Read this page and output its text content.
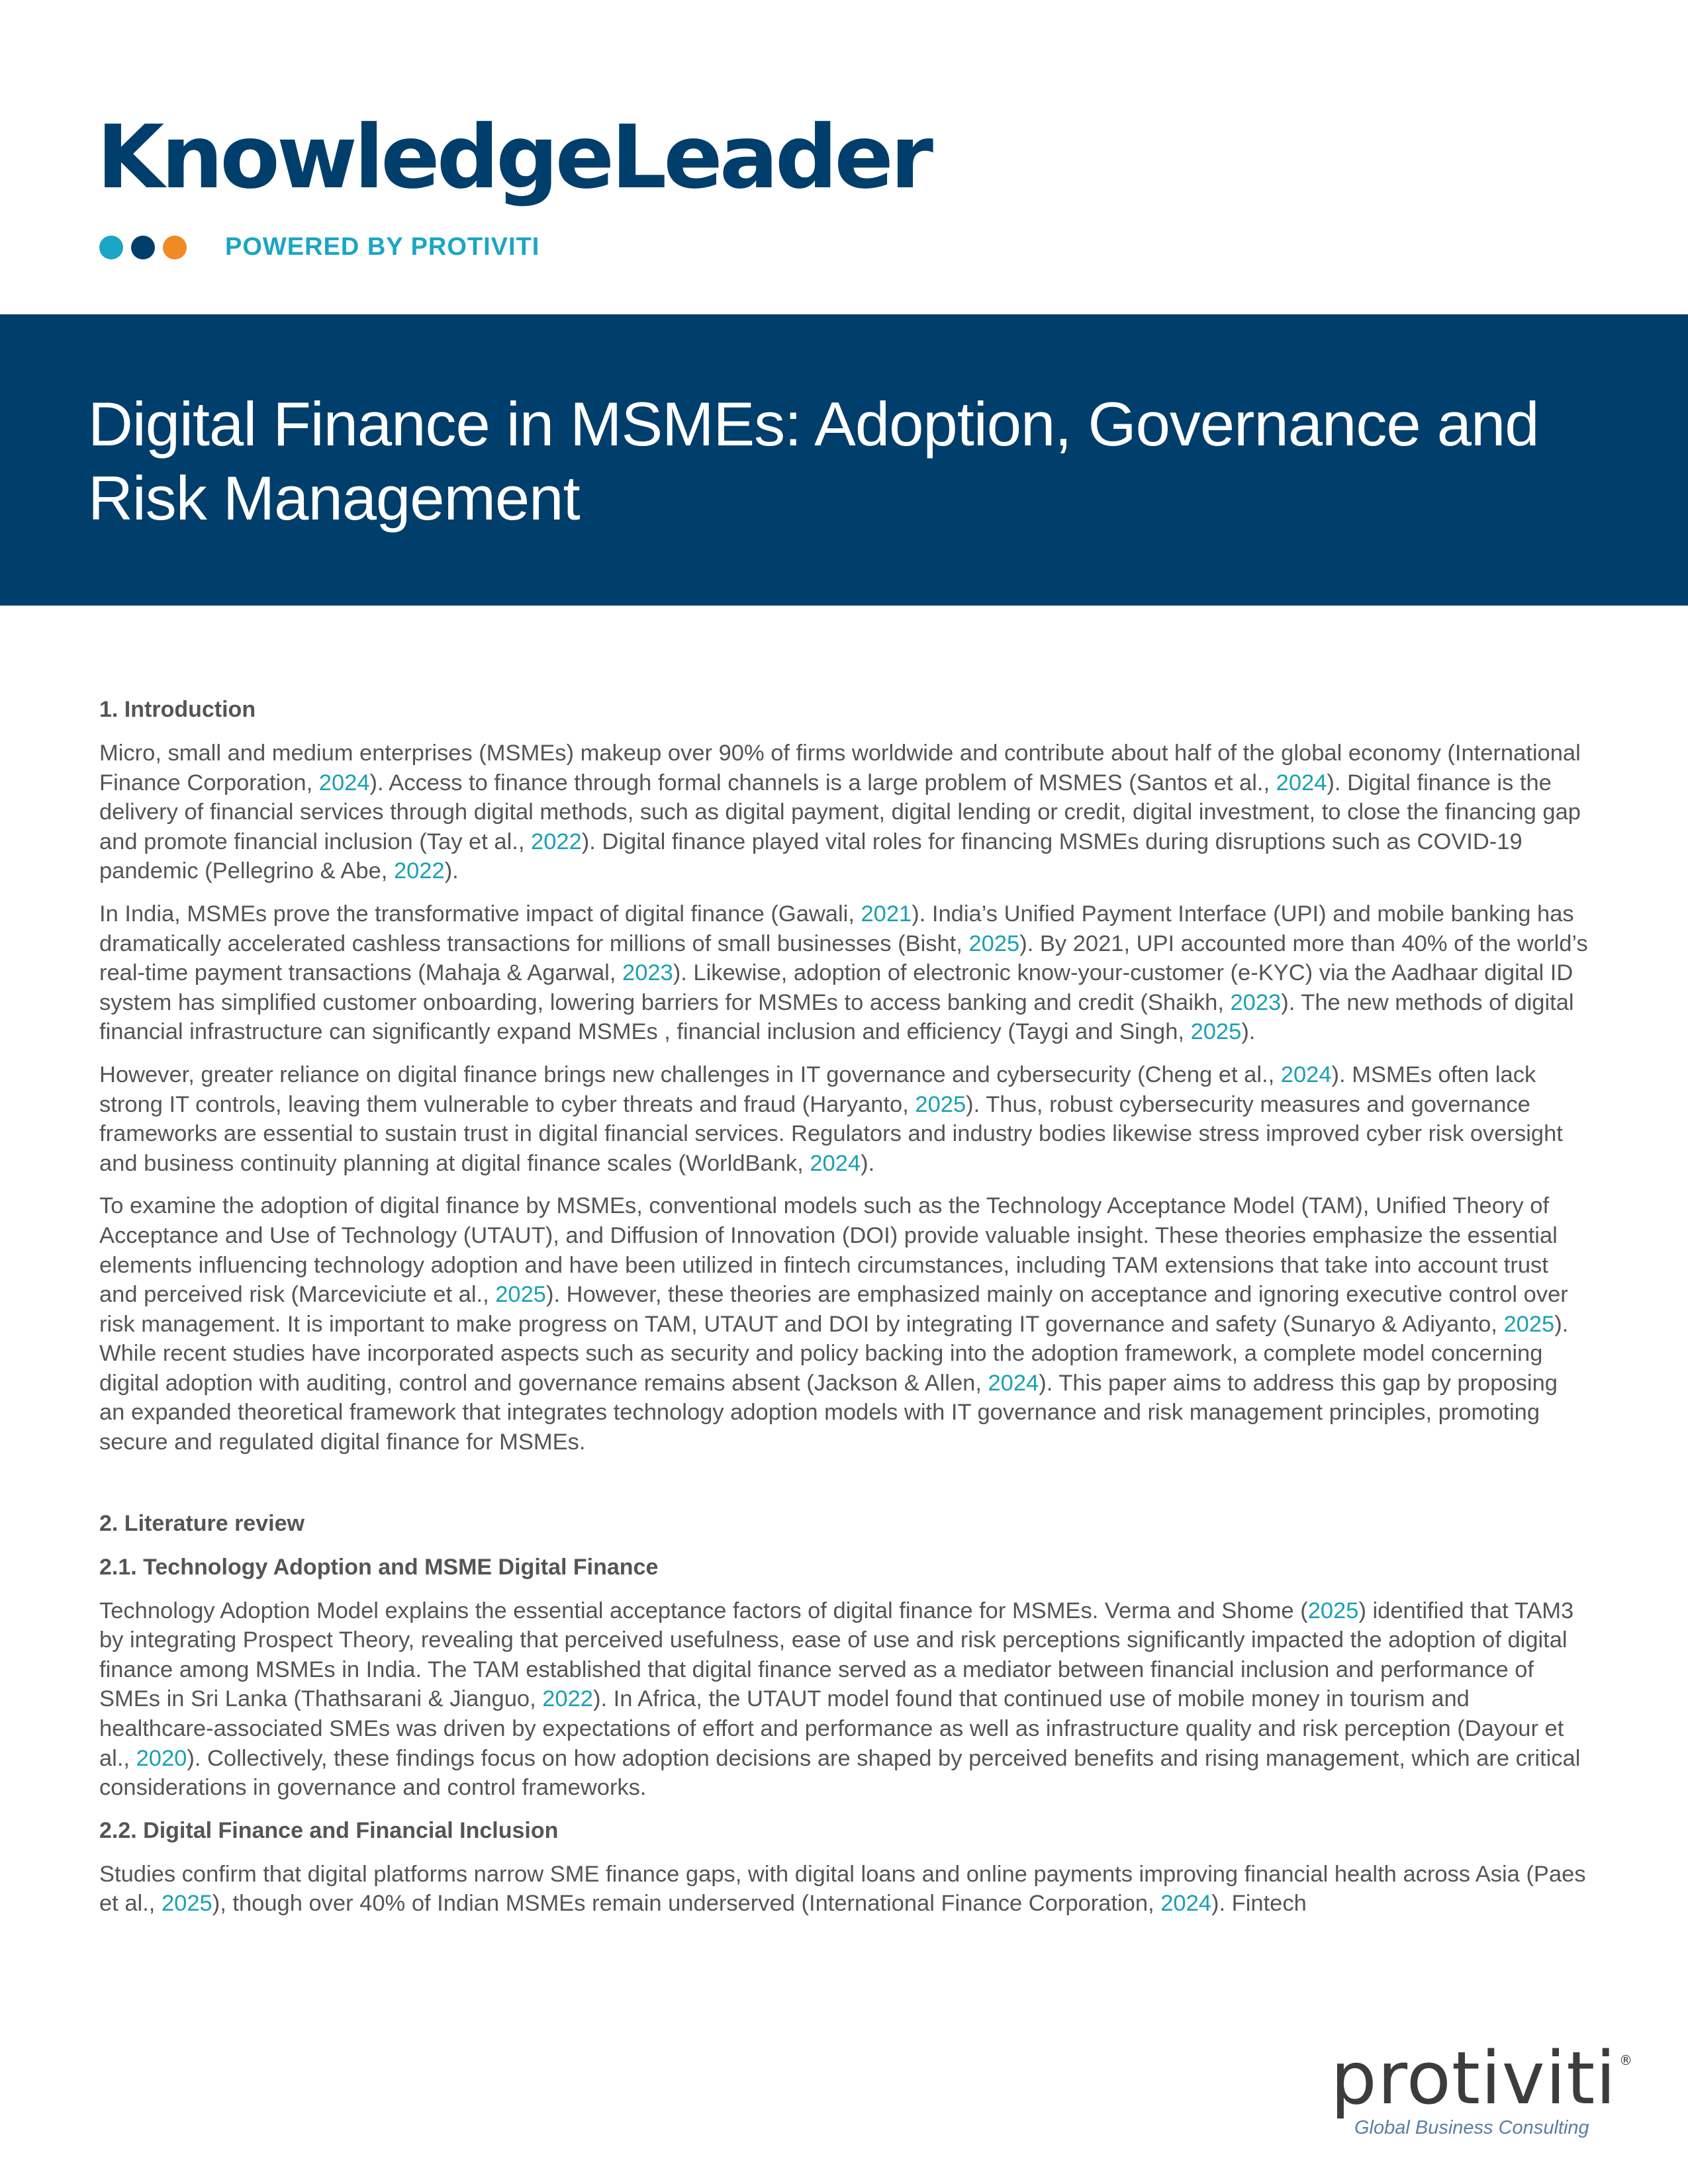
KnowledgeLeader
POWERED BY PROTIVITI
Digital Finance in MSMEs: Adoption, Governance and Risk Management
1. Introduction

Micro, small and medium enterprises (MSMEs) makeup over 90% of firms worldwide and contribute about half of the global economy (International Finance Corporation, 2024). Access to finance through formal channels is a large problem of MSMES (Santos et al., 2024). Digital finance is the delivery of financial services through digital methods, such as digital payment, digital lending or credit, digital investment, to close the financing gap and promote financial inclusion (Tay et al., 2022). Digital finance played vital roles for financing MSMEs during disruptions such as COVID-19 pandemic (Pellegrino & Abe, 2022).

In India, MSMEs prove the transformative impact of digital finance (Gawali, 2021). India’s Unified Payment Interface (UPI) and mobile banking has dramatically accelerated cashless transactions for millions of small businesses (Bisht, 2025). By 2021, UPI accounted more than 40% of the world’s real-time payment transactions (Mahaja & Agarwal, 2023). Likewise, adoption of electronic know-your-customer (e-KYC) via the Aadhaar digital ID system has simplified customer onboarding, lowering barriers for MSMEs to access banking and credit (Shaikh, 2023). The new methods of digital financial infrastructure can significantly expand MSMEs , financial inclusion and efficiency (Taygi and Singh, 2025).

However, greater reliance on digital finance brings new challenges in IT governance and cybersecurity (Cheng et al., 2024). MSMEs often lack strong IT controls, leaving them vulnerable to cyber threats and fraud (Haryanto, 2025). Thus, robust cybersecurity measures and governance frameworks are essential to sustain trust in digital financial services. Regulators and industry bodies likewise stress improved cyber risk oversight and business continuity planning at digital finance scales (WorldBank, 2024).

To examine the adoption of digital finance by MSMEs, conventional models such as the Technology Acceptance Model (TAM), Unified Theory of Acceptance and Use of Technology (UTAUT), and Diffusion of Innovation (DOI) provide valuable insight. These theories emphasize the essential elements influencing technology adoption and have been utilized in fintech circumstances, including TAM extensions that take into account trust and perceived risk (Marceviciute et al., 2025). However, these theories are emphasized mainly on acceptance and ignoring executive control over risk management. It is important to make progress on TAM, UTAUT and DOI by integrating IT governance and safety (Sunaryo & Adiyanto, 2025). While recent studies have incorporated aspects such as security and policy backing into the adoption framework, a complete model concerning digital adoption with auditing, control and governance remains absent (Jackson & Allen, 2024). This paper aims to address this gap by proposing an expanded theoretical framework that integrates technology adoption models with IT governance and risk management principles, promoting secure and regulated digital finance for MSMEs.

2. Literature review
2.1. Technology Adoption and MSME Digital Finance

Technology Adoption Model explains the essential acceptance factors of digital finance for MSMEs. Verma and Shome (2025) identified that TAM3 by integrating Prospect Theory, revealing that perceived usefulness, ease of use and risk perceptions significantly impacted the adoption of digital finance among MSMEs in India. The TAM established that digital finance served as a mediator between financial inclusion and performance of SMEs in Sri Lanka (Thathsarani & Jianguo, 2022). In Africa, the UTAUT model found that continued use of mobile money in tourism and healthcare-associated SMEs was driven by expectations of effort and performance as well as infrastructure quality and risk perception (Dayour et al., 2020). Collectively, these findings focus on how adoption decisions are shaped by perceived benefits and rising management, which are critical considerations in governance and control frameworks.

2.2. Digital Finance and Financial Inclusion

Studies confirm that digital platforms narrow SME finance gaps, with digital loans and online payments improving financial health across Asia (Paes et al., 2025), though over 40% of Indian MSMEs remain underserved (International Finance Corporation, 2024). Fintech

protiviti ®
Global Business Consulting
